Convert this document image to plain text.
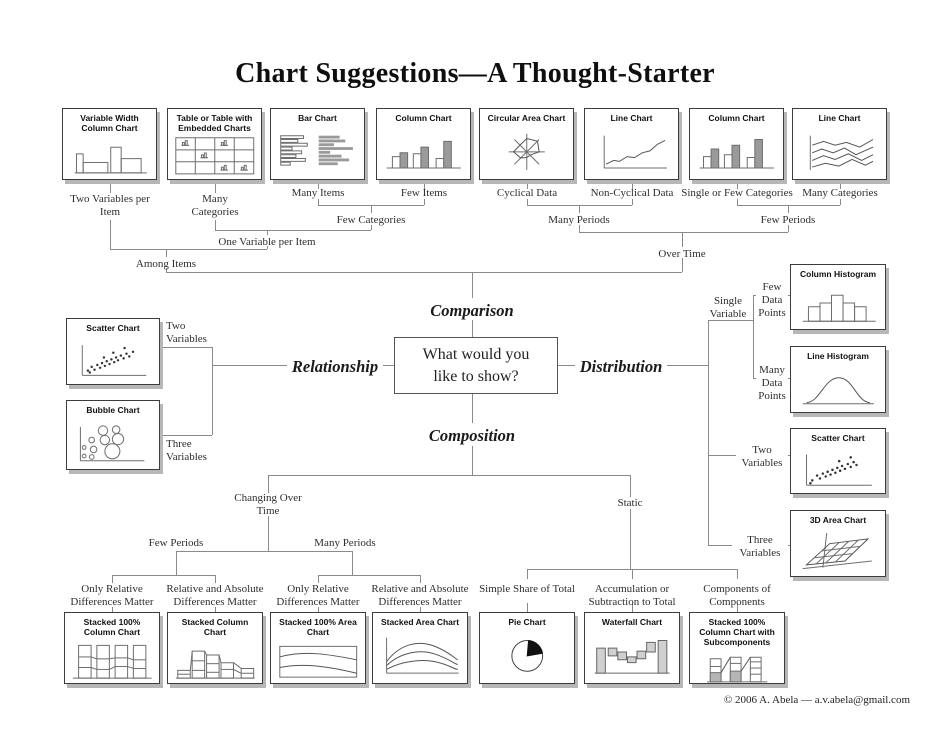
Chart Suggestions—A Thought-Starter
Two Variables per Item
Many Categories
Many Items	Few Items	Cyclical Data	Non-Cyclical Data Single or Few Categories Many Categories
Few Categories
One Variable per Item
Among Items
Many Periods	Few Periods
Over Time
Comparison
Relationship	Distribution
Composition
What would you like to show?
Two Variables
Three Variables
Single Variable
Few Data Points
Many Data Points
Two Variables
Three Variables
Changing Over Time
Static
Few Periods	Many Periods
Only Relative Differences Matter
Relative and Absolute Differences Matter
Only Relative Differences Matter
Relative and Absolute Differences Matter
Simple Share of Total	Accumulation or Subtraction to Total
Components of Components
Variable Width Column Chart
Table or Table with Embedded Charts
Bar Chart	Column Chart	Circular Area Chart	Line Chart	Column Chart	Line Chart
Scatter Chart
Bubble Chart
Column Histogram
Line Histogram
Scatter Chart
3D Area Chart
Stacked 100% Column Chart
Stacked Column Chart
Stacked 100% Area Chart
Stacked Area Chart	Pie Chart	Waterfall Chart	Stacked 100% Column Chart with Subcomponents
© 2006 A. Abela — a.v.abela@gmail.com
